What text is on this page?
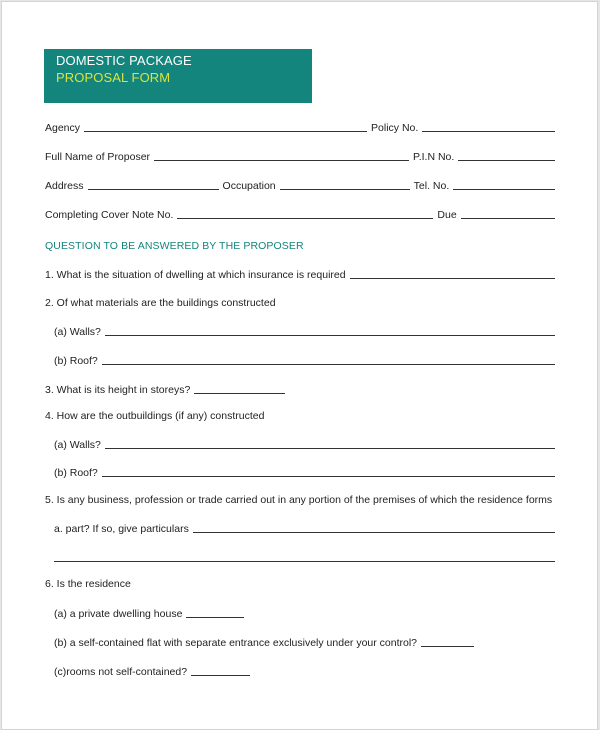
DOMESTIC PACKAGE
PROPOSAL FORM
Agency	Policy No.
Full Name of Proposer	P.I.N No.
Address	Occupation	Tel. No.
Completing Cover Note No.	Due
QUESTION TO BE ANSWERED BY THE PROPOSER
1. What is the situation of dwelling at which insurance is required
2. Of what materials are the buildings constructed
(a) Walls?
(b) Roof?
3. What is its height in storeys?
4. How are the outbuildings (if any) constructed
(a) Walls?
(b) Roof?
5. Is any business, profession or trade carried out in any portion of the premises of which the residence forms
a. part? If so, give particulars
6. Is the residence
(a) a private dwelling house
(b) a self-contained flat with separate entrance exclusively under your control?
(c)rooms not self-contained?
